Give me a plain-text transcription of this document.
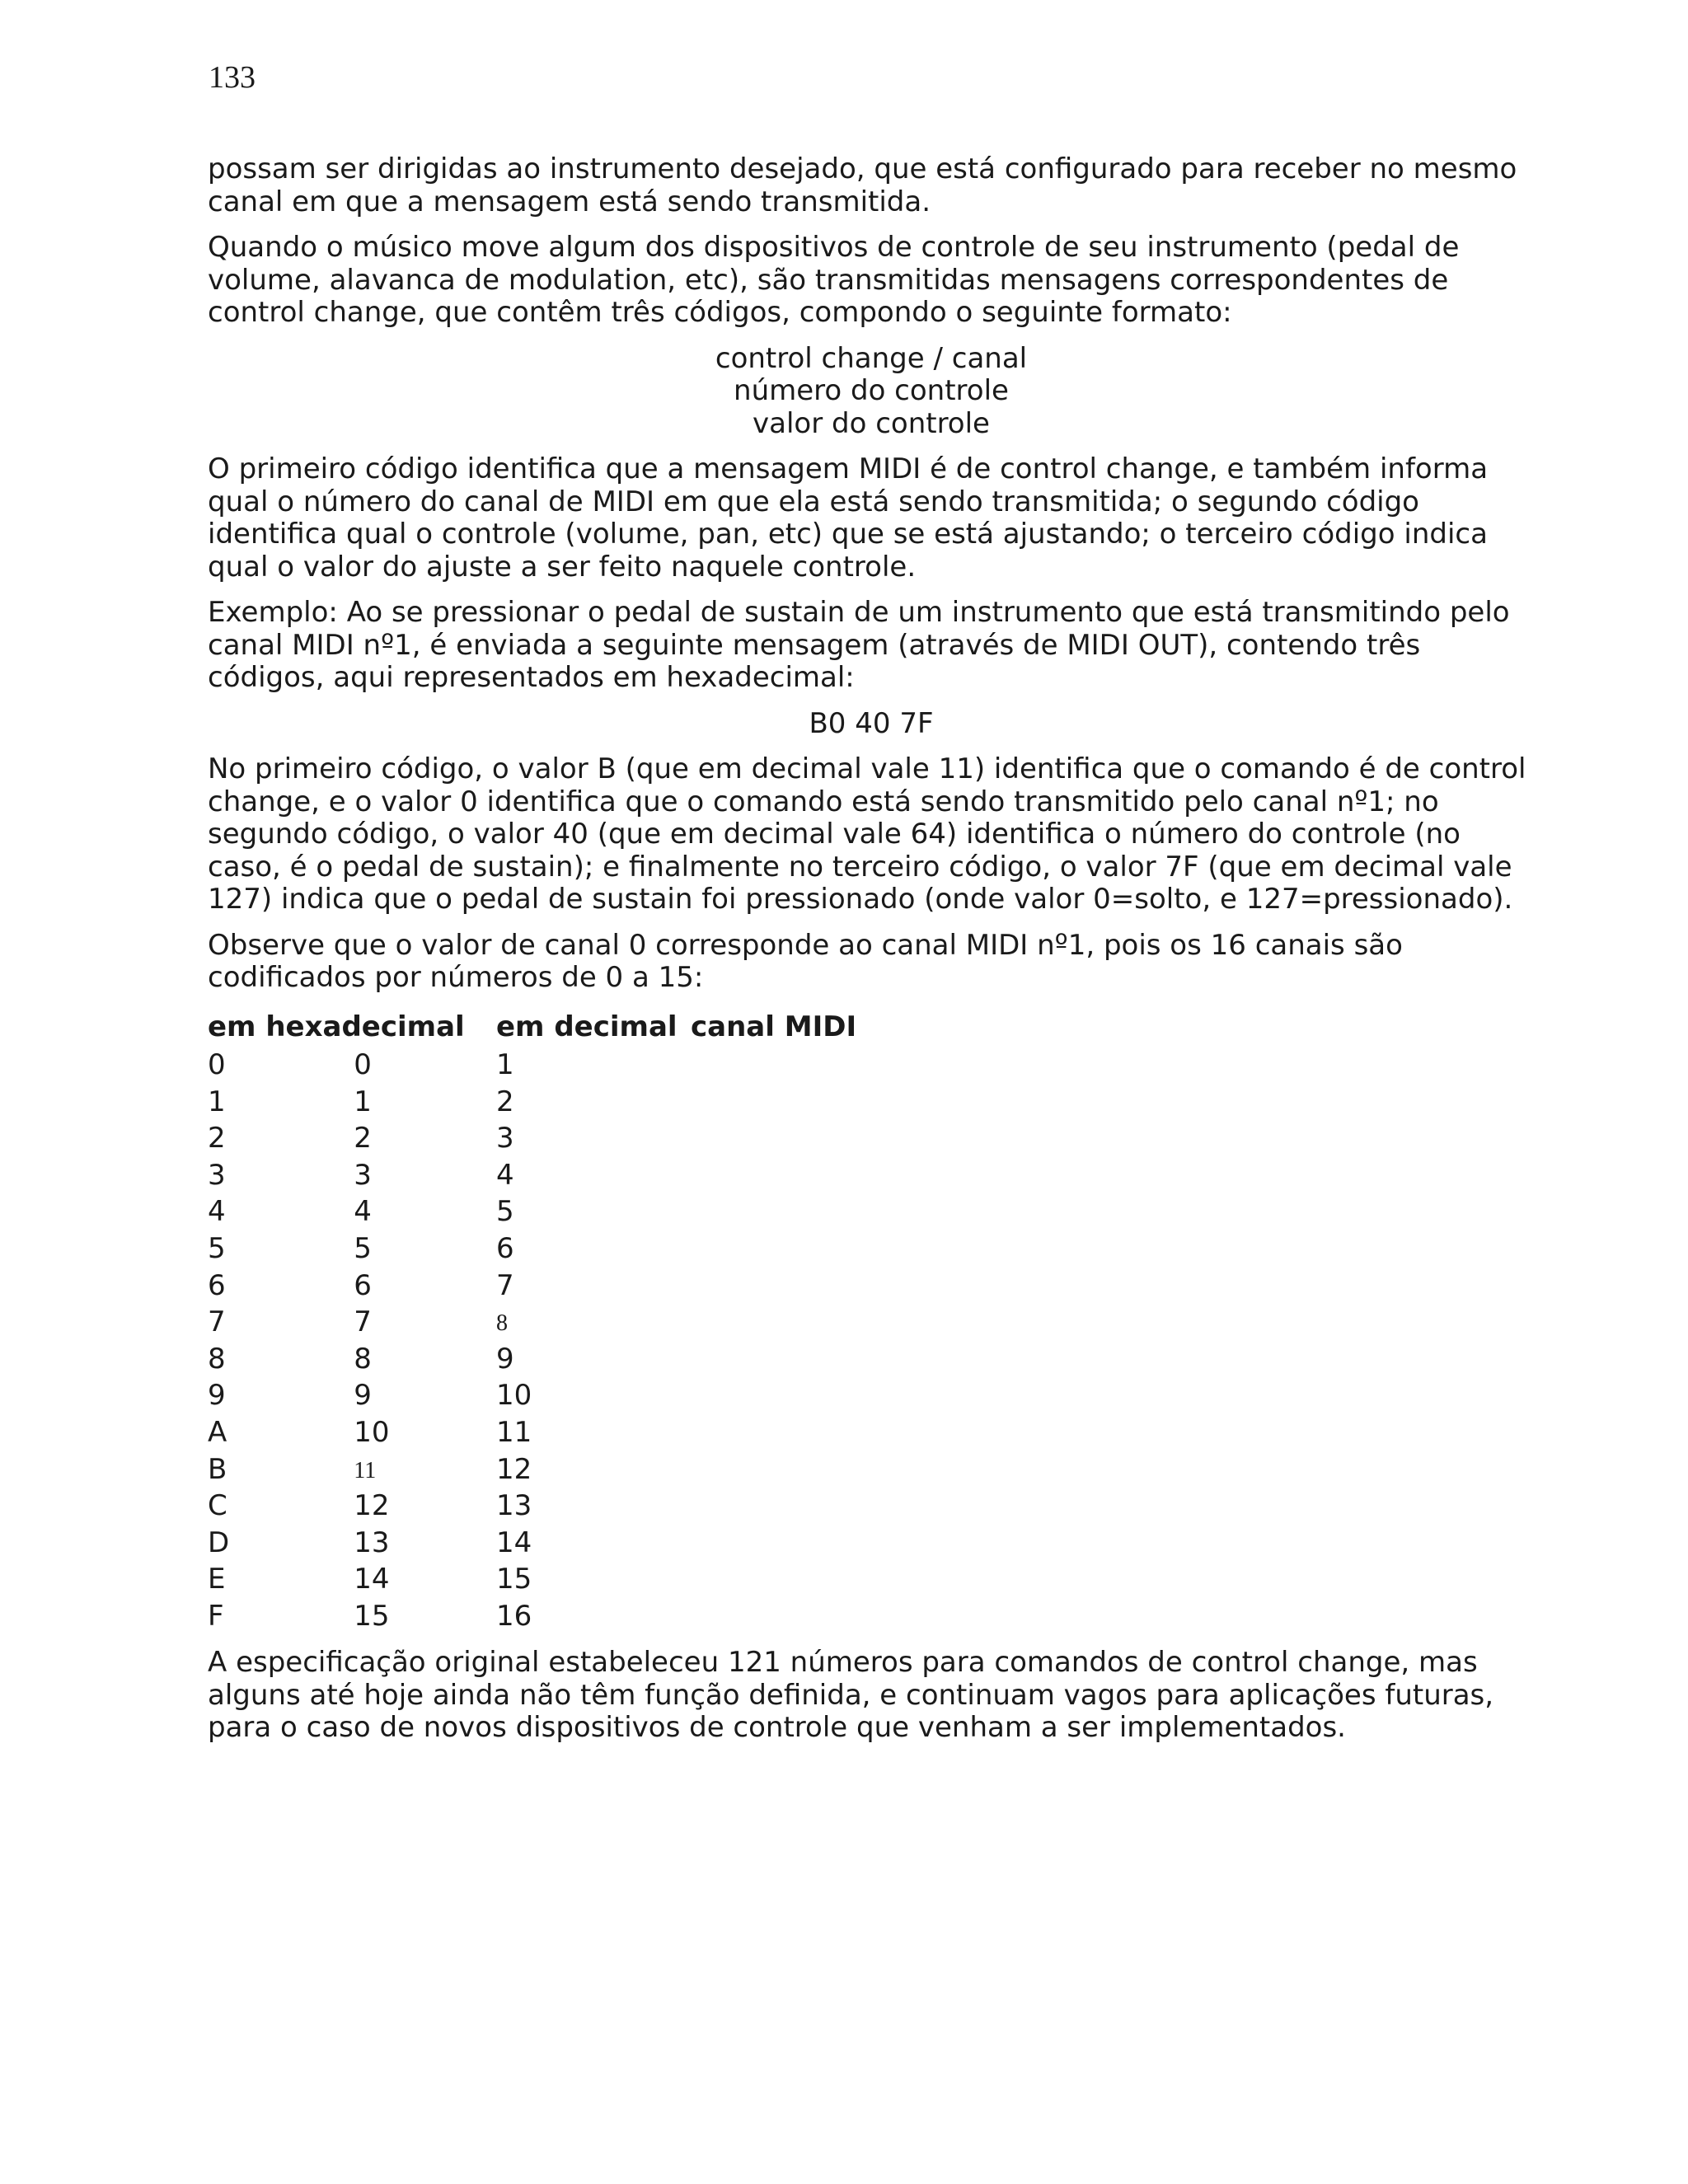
133

possam ser dirigidas ao instrumento desejado, que está configurado para receber no mesmo canal em que a mensagem está sendo transmitida.

Quando o músico move algum dos dispositivos de controle de seu instrumento (pedal de volume, alavanca de modulation, etc), são transmitidas mensagens correspondentes de control change, que contêm três códigos, compondo o seguinte formato:

control change / canal
número do controle
valor do controle

O primeiro código identifica que a mensagem MIDI é de control change, e também informa qual o número do canal de MIDI em que ela está sendo transmitida; o segundo código identifica qual o controle (volume, pan, etc) que se está ajustando; o terceiro código indica qual o valor do ajuste a ser feito naquele controle.

Exemplo: Ao se pressionar o pedal de sustain de um instrumento que está transmitindo pelo canal MIDI nº1, é enviada a seguinte mensagem (através de MIDI OUT), contendo três códigos, aqui representados em hexadecimal:

B0 40 7F

No primeiro código, o valor B (que em decimal vale 11) identifica que o comando é de control change, e o valor 0 identifica que o comando está sendo transmitido pelo canal nº1; no segundo código, o valor 40 (que em decimal vale 64) identifica o número do controle (no caso, é o pedal de sustain); e finalmente no terceiro código, o valor 7F (que em decimal vale 127) indica que o pedal de sustain foi pressionado (onde valor 0=solto, e 127=pressionado).

Observe que o valor de canal 0 corresponde ao canal MIDI nº1, pois os 16 canais são codificados por números de 0 a 15:

em hexadecimal		em decimal	canal MIDI
0	0	1	
1	1	2	
2	2	3	
3	3	4	
4	4	5	
5	5	6	
6	6	7	
7	7	8	
8	8	9	
9	9	10	
A	10	11	
B	11	12	
C	12	13	
D	13	14	
E	14	15	
F	15	16	

A especificação original estabeleceu 121 números para comandos de control change, mas alguns até hoje ainda não têm função definida, e continuam vagos para aplicações futuras, para o caso de novos dispositivos de controle que venham a ser implementados.
